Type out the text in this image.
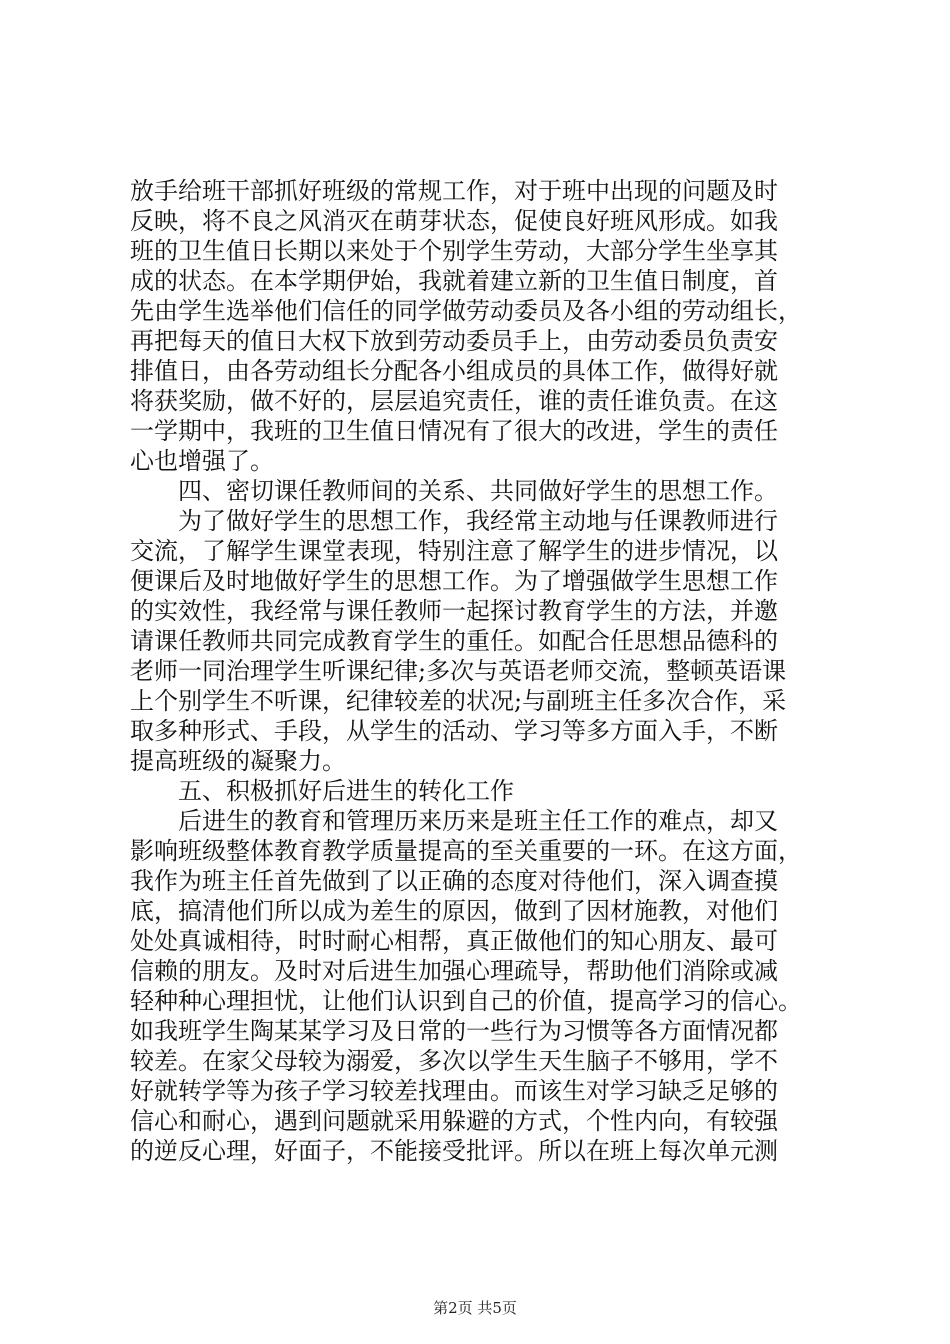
放手给班干部抓好班级的常规工作，对于班中出现的问题及时
反映，将不良之风消灭在萌芽状态，促使良好班风形成。如我
班的卫生值日长期以来处于个别学生劳动，大部分学生坐享其
成的状态。在本学期伊始，我就着建立新的卫生值日制度，首
先由学生选举他们信任的同学做劳动委员及各小组的劳动组长，
再把每天的值日大权下放到劳动委员手上，由劳动委员负责安
排值日，由各劳动组长分配各小组成员的具体工作，做得好就
将获奖励，做不好的，层层追究责任，谁的责任谁负责。在这
一学期中，我班的卫生值日情况有了很大的改进，学生的责任
心也增强了。
四、密切课任教师间的关系、共同做好学生的思想工作。
为了做好学生的思想工作，我经常主动地与任课教师进行
交流，了解学生课堂表现，特别注意了解学生的进步情况，以
便课后及时地做好学生的思想工作。为了增强做学生思想工作
的实效性，我经常与课任教师一起探讨教育学生的方法，并邀
请课任教师共同完成教育学生的重任。如配合任思想品德科的
老师一同治理学生听课纪律;多次与英语老师交流，整顿英语课
上个别学生不听课，纪律较差的状况;与副班主任多次合作，采
取多种形式、手段，从学生的活动、学习等多方面入手，不断
提高班级的凝聚力。
五、积极抓好后进生的转化工作
后进生的教育和管理历来历来是班主任工作的难点，却又
影响班级整体教育教学质量提高的至关重要的一环。在这方面，
我作为班主任首先做到了以正确的态度对待他们，深入调查摸
底，搞清他们所以成为差生的原因，做到了因材施教，对他们
处处真诚相待，时时耐心相帮，真正做他们的知心朋友、最可
信赖的朋友。及时对后进生加强心理疏导，帮助他们消除或减
轻种种心理担忧，让他们认识到自己的价值，提高学习的信心。
如我班学生陶某某学习及日常的一些行为习惯等各方面情况都
较差。在家父母较为溺爱，多次以学生天生脑子不够用，学不
好就转学等为孩子学习较差找理由。而该生对学习缺乏足够的
信心和耐心，遇到问题就采用躲避的方式，个性内向，有较强
的逆反心理，好面子，不能接受批评。所以在班上每次单元测
第2页 共5页
